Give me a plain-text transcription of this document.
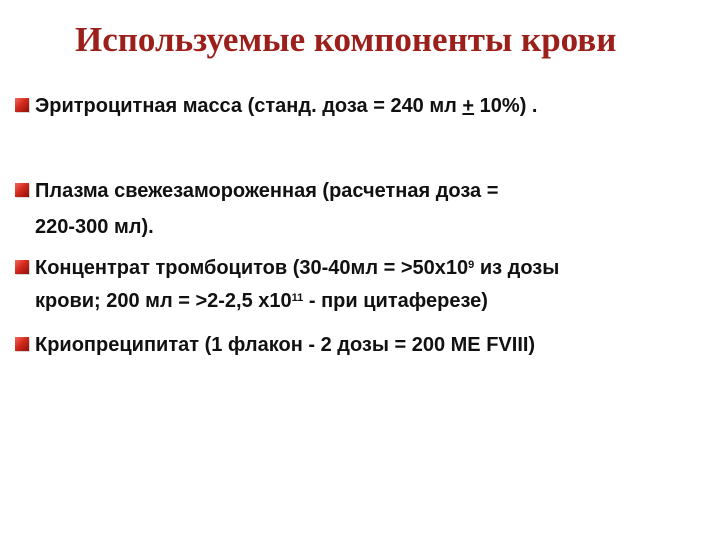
Используемые компоненты крови

Эритроцитная масса (станд. доза = 240 мл + 10%) .

Плазма свежезамороженная (расчетная доза =

220-300 мл).

Концентрат тромбоцитов ($30-40мл = >50х10^9$ из дозы

крови; 200 мл = >2-2,5 $х10^{11}$ - при цитаферезе)

Криопреципитат (1 флакон - 2 дозы = 200 МЕ FVIII)
